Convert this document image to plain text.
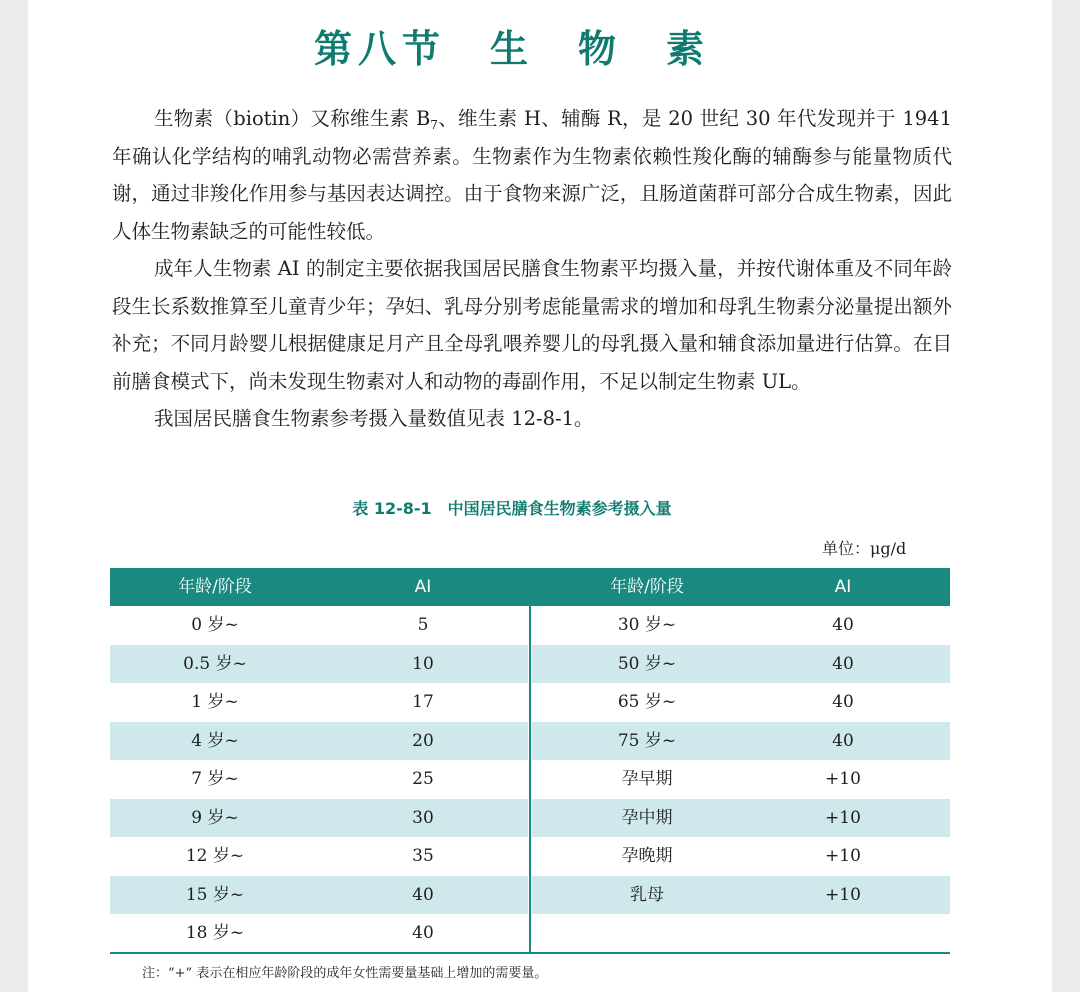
第八节　生　物　素

生物素（biotin）又称维生素 $B_7$、维生素 H、辅酶 R，是 20 世纪 30 年代发现并于 1941 年确认化学结构的哺乳动物必需营养素。生物素作为生物素依赖性羧化酶的辅酶参与能量物质代谢，通过非羧化作用参与基因表达调控。由于食物来源广泛，且肠道菌群可部分合成生物素，因此人体生物素缺乏的可能性较低。

成年人生物素 AI 的制定主要依据我国居民膳食生物素平均摄入量，并按代谢体重及不同年龄段生长系数推算至儿童青少年；孕妇、乳母分别考虑能量需求的增加和母乳生物素分泌量提出额外补充；不同月龄婴儿根据健康足月产且全母乳喂养婴儿的母乳摄入量和辅食添加量进行估算。在目前膳食模式下，尚未发现生物素对人和动物的毒副作用，不足以制定生物素 UL。

我国居民膳食生物素参考摄入量数值见表 12-8-1。

表 12-8-1　中国居民膳食生物素参考摄入量
单位：μg/d
年龄/阶段	AI	年龄/阶段	AI
0 岁~	5	30 岁~	40
0.5 岁~	10	50 岁~	40
1 岁~	17	65 岁~	40
4 岁~	20	75 岁~	40
7 岁~	25	孕早期	+10
9 岁~	30	孕中期	+10
12 岁~	35	孕晚期	+10
15 岁~	40	乳母	+10
18 岁~	40
注：“+” 表示在相应年龄阶段的成年女性需要量基础上增加的需要量。
